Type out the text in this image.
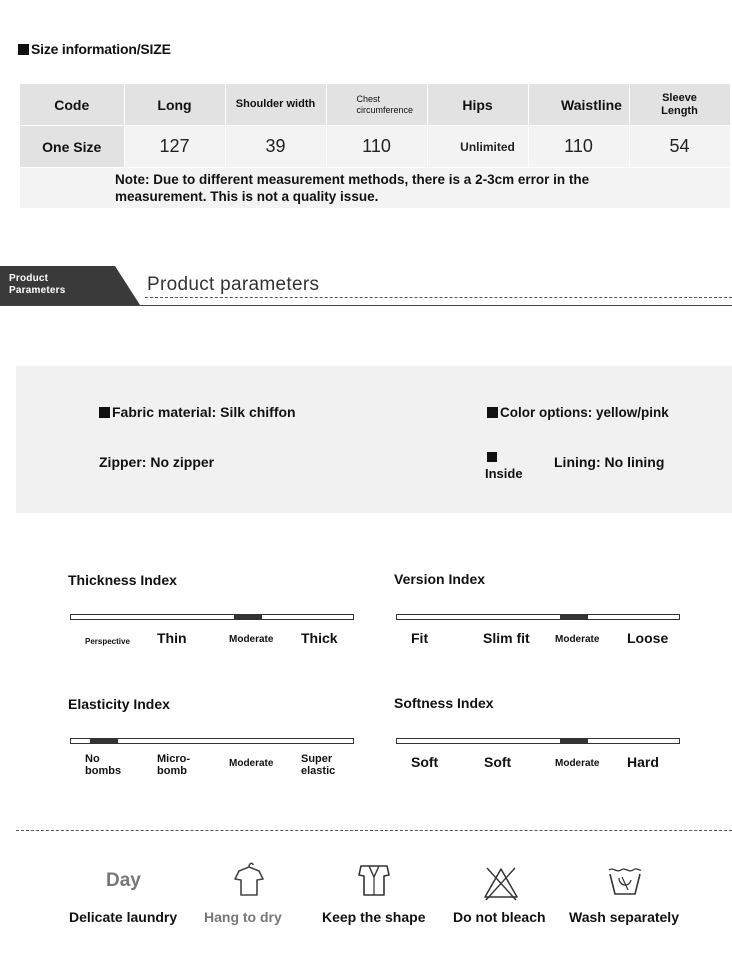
Size information/SIZE
Code	Long	Shoulder width	Chest circumference	Hips	Waistline	Sleeve Length
One Size	127	39	110	Unlimited	110	54
Note: Due to different measurement methods, there is a 2-3cm error in the measurement. This is not a quality issue.						
Product
Parameters	Product parameters
Fabric material: Silk chiffon	Color options: yellow/pink
Zipper: No zipper
Inside
Lining: No lining
Thickness Index
Perspective Thin	Moderate Thick
Version Index
Fit	Slim fit	Moderate Loose
Elasticity Index
No bombs
Micro-bomb
Moderate	Super elastic
Softness Index
Soft	Soft	Moderate Hard
Day
Delicate laundry Hang to dry	Keep the shape Do not bleach Wash separately
